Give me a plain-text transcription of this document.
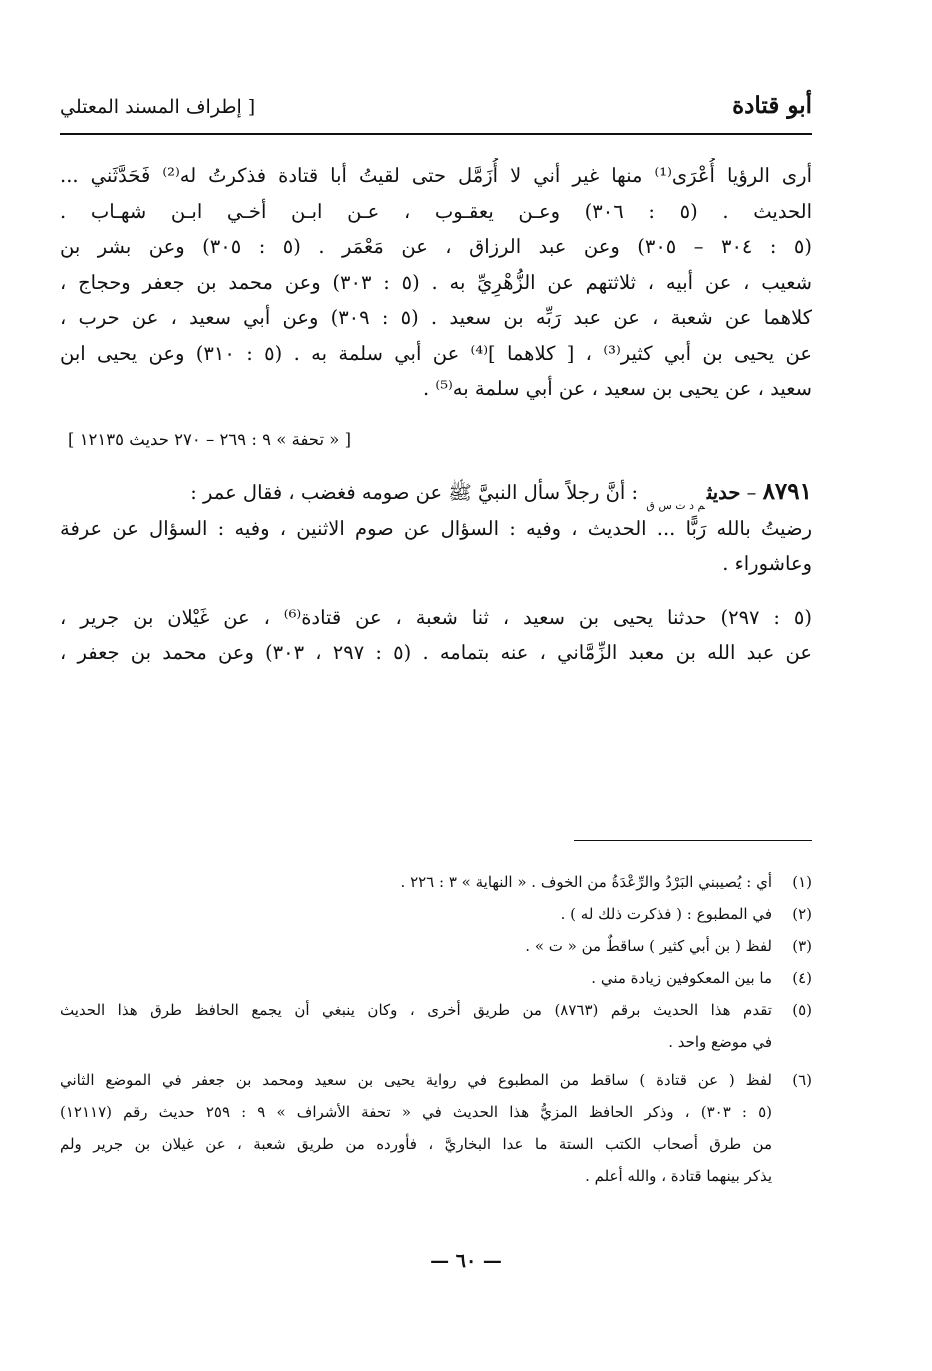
أبو قتادة
[ إطراف المسند المعتلي
أرى الرؤيا أُعْرَى⁽¹⁾ منها غير أني لا أُزَمَّل حتى لقيتُ أبا قتادة فذكرتُ له⁽²⁾ فَحَدَّثَني ...
الحديث . (٥ : ٣٠٦) وعـن يعقـوب ، عـن ابـن أخـي ابـن شهـاب .
(٥ : ٣٠٤ – ٣٠٥) وعن عبد الرزاق ، عن مَعْمَر . (٥ : ٣٠٥) وعن بشر بن
شعيب ، عن أبيه ، ثلاثتهم عن الزُّهْرِيِّ به . (٥ : ٣٠٣) وعن محمد بن جعفر وحجاج ،
كلاهما عن شعبة ، عن عبد رَبِّه بن سعيد . (٥ : ٣٠٩) وعن أبي سعيد ، عن حرب ،
عن يحيى بن أبي كثير⁽³⁾ ، [ كلاهما ]⁽⁴⁾ عن أبي سلمة به . (٥ : ٣١٠) وعن يحيى ابن
سعيد ، عن يحيى بن سعيد ، عن أبي سلمة به⁽⁵⁾ .
[ « تحفة » ٩ : ٢٦٩ – ٢٧٠ حديث ١٢١٣٥ ]
٨٧٩١ – حديث$_{م د ت س ق}$ : أنَّ رجلاً سأل النبيَّ ﷺ عن صومه فغضب ، فقال عمر :
رضيتُ بالله رَبًّا ... الحديث ، وفيه : السؤال عن صوم الاثنين ، وفيه : السؤال عن عرفة
وعاشوراء .
(٥ : ٢٩٧) حدثنا يحيى بن سعيد ، ثنا شعبة ، عن قتادة⁽⁶⁾ ، عن غَيْلان بن جرير ،
عن عبد الله بن معبد الزِّمَّاني ، عنه بتمامه . (٥ : ٢٩٧ ، ٣٠٣) وعن محمد بن جعفر ،
(١)
أي : يُصيبني البَرْدُ والرِّعْدَةُ من الخوف . « النهاية » ٣ : ٢٢٦ .
(٢)
في المطبوع : ( فذكرت ذلك له ) .
(٣)
لفظ ( بن أبي كثير ) ساقطٌ من « ت » .
(٤)
ما بين المعكوفين زيادة مني .
(٥)
تقدم هذا الحديث برقم (٨٧٦٣) من طريق أخرى ، وكان ينبغي أن يجمع الحافظ طرق هذا الحديث
في موضع واحد .
(٦)
لفظ ( عن قتادة ) ساقط من المطبوع في رواية يحيى بن سعيد ومحمد بن جعفر في الموضع الثاني
(٥ : ٣٠٣) ، وذكر الحافظ المزيُّ هذا الحديث في « تحفة الأشراف » ٩ : ٢٥٩ حديث رقم (١٢١١٧)
من طرق أصحاب الكتب الستة ما عدا البخاريَّ ، فأورده من طريق شعبة ، عن غيلان بن جرير ولم
يذكر بينهما قتادة ، والله أعلم .
— ٦٠ —
